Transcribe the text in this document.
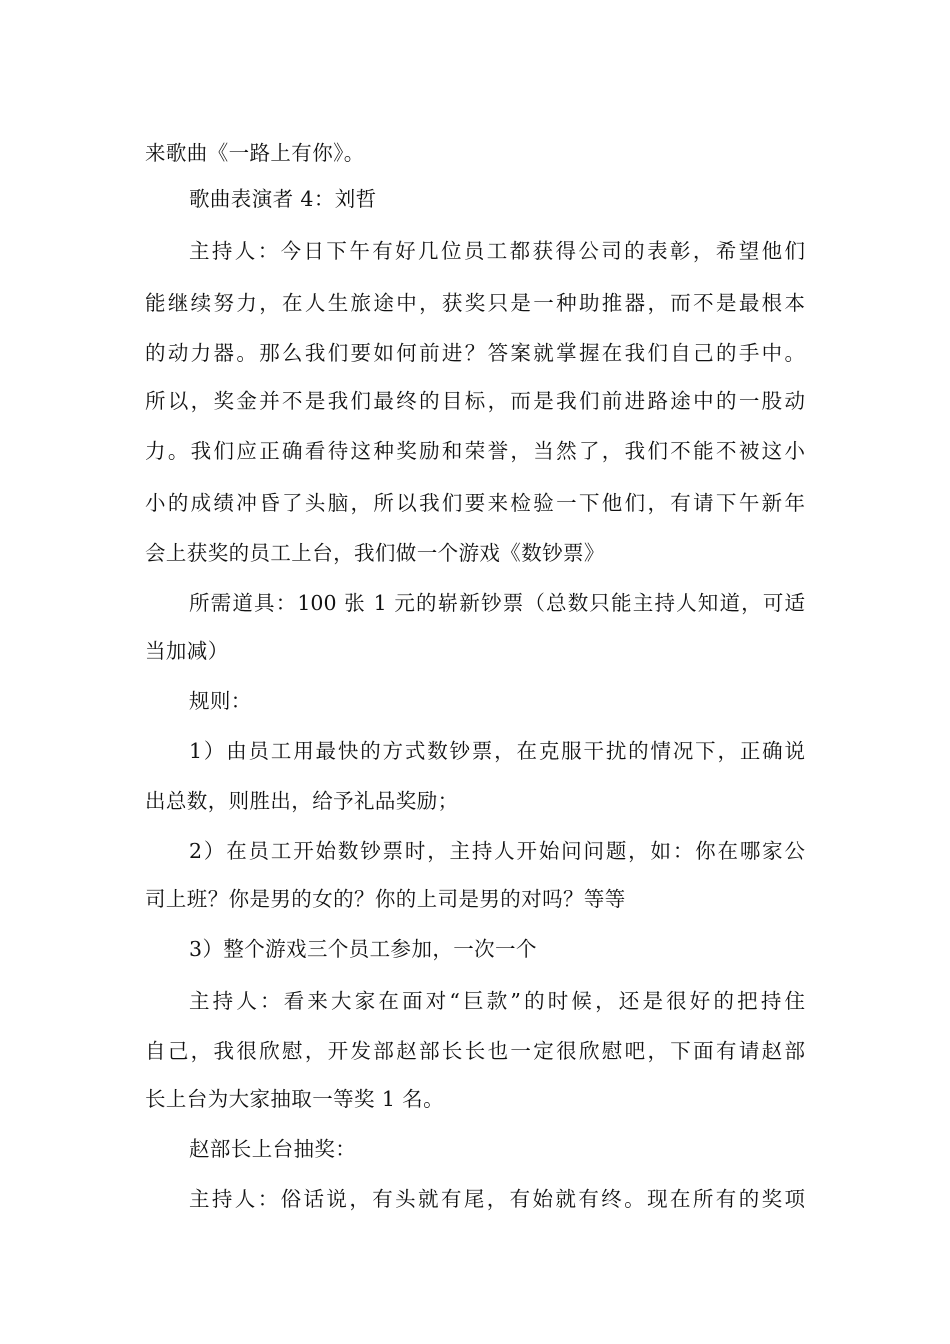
来歌曲《一路上有你》。
歌曲表演者 4：刘哲
主持人：今日下午有好几位员工都获得公司的表彰，希望他们
能继续努力，在人生旅途中，获奖只是一种助推器，而不是最根本
的动力器。那么我们要如何前进？答案就掌握在我们自己的手中。
所以，奖金并不是我们最终的目标，而是我们前进路途中的一股动
力。我们应正确看待这种奖励和荣誉，当然了，我们不能不被这小
小的成绩冲昏了头脑，所以我们要来检验一下他们，有请下午新年
会上获奖的员工上台，我们做一个游戏《数钞票》
所需道具：100 张 1 元的崭新钞票（总数只能主持人知道，可适
当加减）
规则：
1）由员工用最快的方式数钞票，在克服干扰的情况下，正确说
出总数，则胜出，给予礼品奖励；
2）在员工开始数钞票时，主持人开始问问题，如：你在哪家公
司上班？你是男的女的？你的上司是男的对吗？等等
3）整个游戏三个员工参加，一次一个
主持人：看来大家在面对“巨款”的时候，还是很好的把持住
自己，我很欣慰，开发部赵部长长也一定很欣慰吧，下面有请赵部
长上台为大家抽取一等奖 1 名。
赵部长上台抽奖：
主持人：俗话说，有头就有尾，有始就有终。现在所有的奖项
